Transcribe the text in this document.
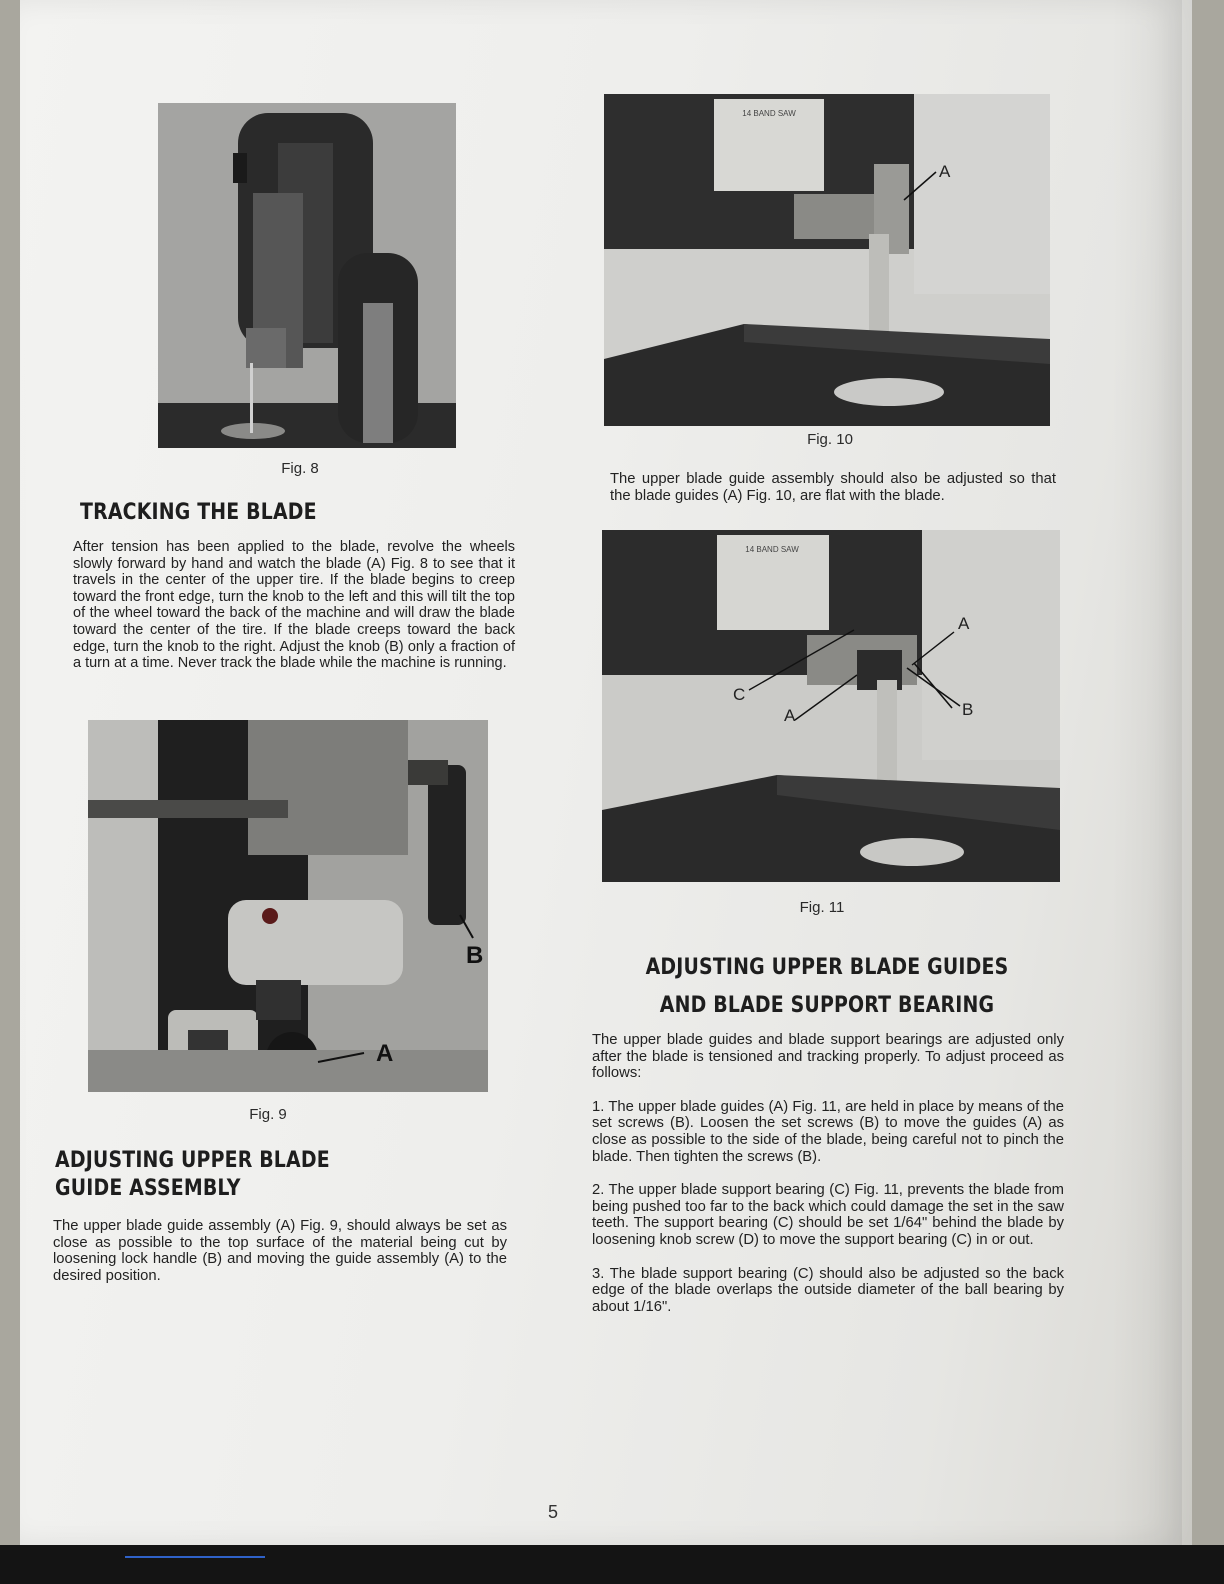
Fig. 8
14 BAND SAW
A
Fig. 10
The upper blade guide assembly should also be adjusted so that the blade guides (A) Fig. 10, are flat with the blade.
TRACKING THE BLADE
After tension has been applied to the blade, revolve the wheels slowly forward by hand and watch the blade (A) Fig. 8 to see that it travels in the center of the upper tire. If the blade begins to creep toward the front edge, turn the knob to the left and this will tilt the top of the wheel toward the back of the machine and will draw the blade toward the center of the tire. If the blade creeps toward the back edge, turn the knob to the right. Adjust the knob (B) only a fraction of a turn at a time. Never track the blade while the machine is running.
14 BAND SAW
A
C
A	B
Fig. 11
B
A
Fig. 9
ADJUSTING UPPER BLADE GUIDES
AND BLADE SUPPORT BEARING

The upper blade guides and blade support bearings are adjusted only after the blade is tensioned and tracking properly. To adjust proceed as follows:

1. The upper blade guides (A) Fig. 11, are held in place by means of the set screws (B). Loosen the set screws (B) to move the guides (A) as close as possible to the side of the blade, being careful not to pinch the blade. Then tighten the screws (B).

2. The upper blade support bearing (C) Fig. 11, prevents the blade from being pushed too far to the back which could damage the set in the saw teeth. The support bearing (C) should be set 1/64" behind the blade by loosening knob screw (D) to move the support bearing (C) in or out.

3. The blade support bearing (C) should also be adjusted so the back edge of the blade overlaps the outside diameter of the ball bearing by about 1/16".

ADJUSTING UPPER BLADE
GUIDE ASSEMBLY
The upper blade guide assembly (A) Fig. 9, should always be set as close as possible to the top surface of the material being cut by loosening lock handle (B) and moving the guide assembly (A) to the desired position.
5
